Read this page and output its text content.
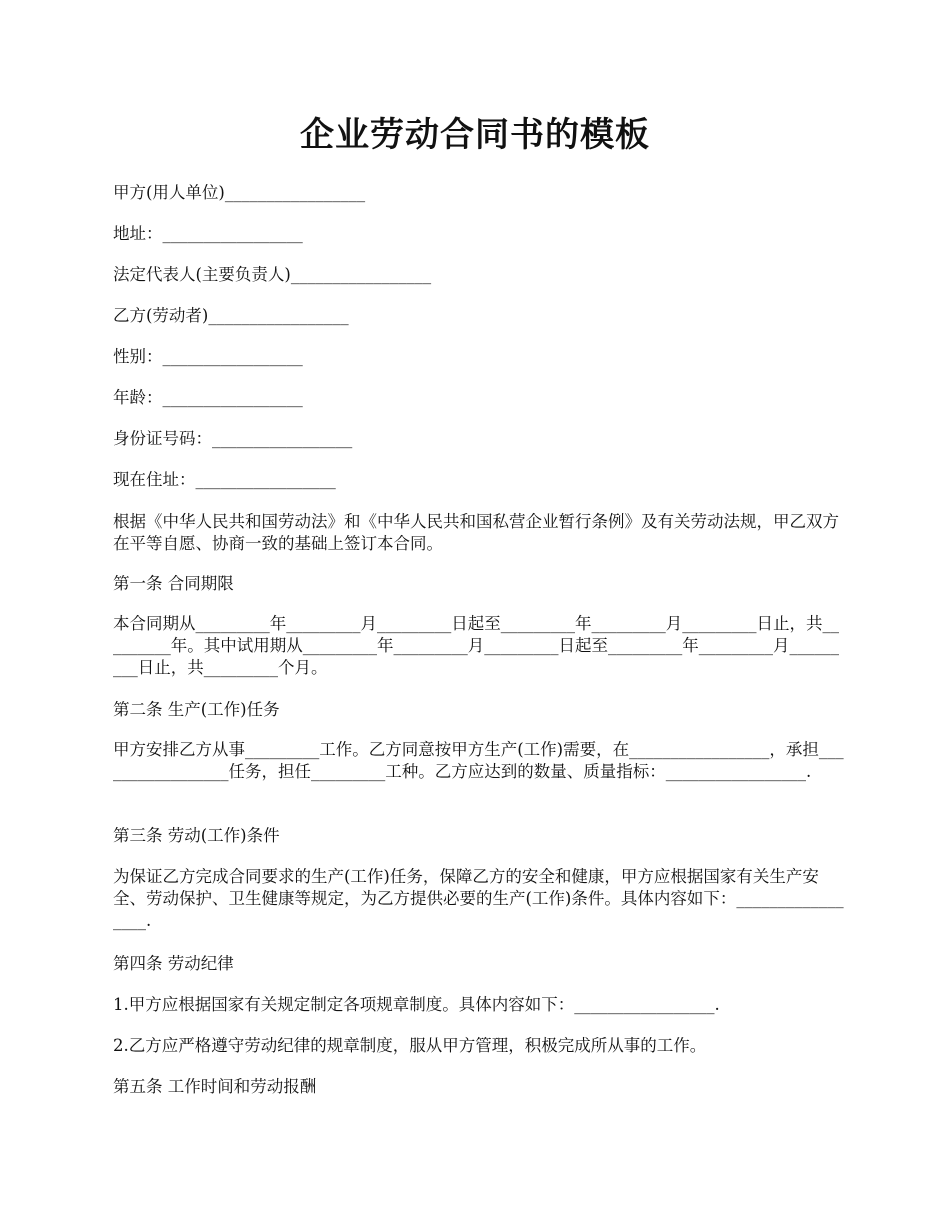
企业劳动合同书的模板

甲方(用人单位)_________________

地址：_________________

法定代表人(主要负责人)_________________

乙方(劳动者)_________________

性别：_________________

年龄：_________________

身份证号码：_________________

现在住址：_________________

根据《中华人民共和国劳动法》和《中华人民共和国私营企业暂行条例》及有关劳动法规，甲乙双方在平等自愿、协商一致的基础上签订本合同。

第一条 合同期限

本合同期从_________年_________月_________日起至_________年_________月_________日止，共_________年。其中试用期从_________年_________月_________日起至_________年_________月_________日止，共_________个月。

第二条 生产(工作)任务

甲方安排乙方从事_________工作。乙方同意按甲方生产(工作)需要，在_________________，承担_________________任务，担任_________工种。乙方应达到的数量、质量指标：_________________.

第三条 劳动(工作)条件

为保证乙方完成合同要求的生产(工作)任务，保障乙方的安全和健康，甲方应根据国家有关生产安全、劳动保护、卫生健康等规定，为乙方提供必要的生产(工作)条件。具体内容如下：_________________.

第四条 劳动纪律

1.甲方应根据国家有关规定制定各项规章制度。具体内容如下：_________________.

2.乙方应严格遵守劳动纪律的规章制度，服从甲方管理，积极完成所从事的工作。

第五条 工作时间和劳动报酬
